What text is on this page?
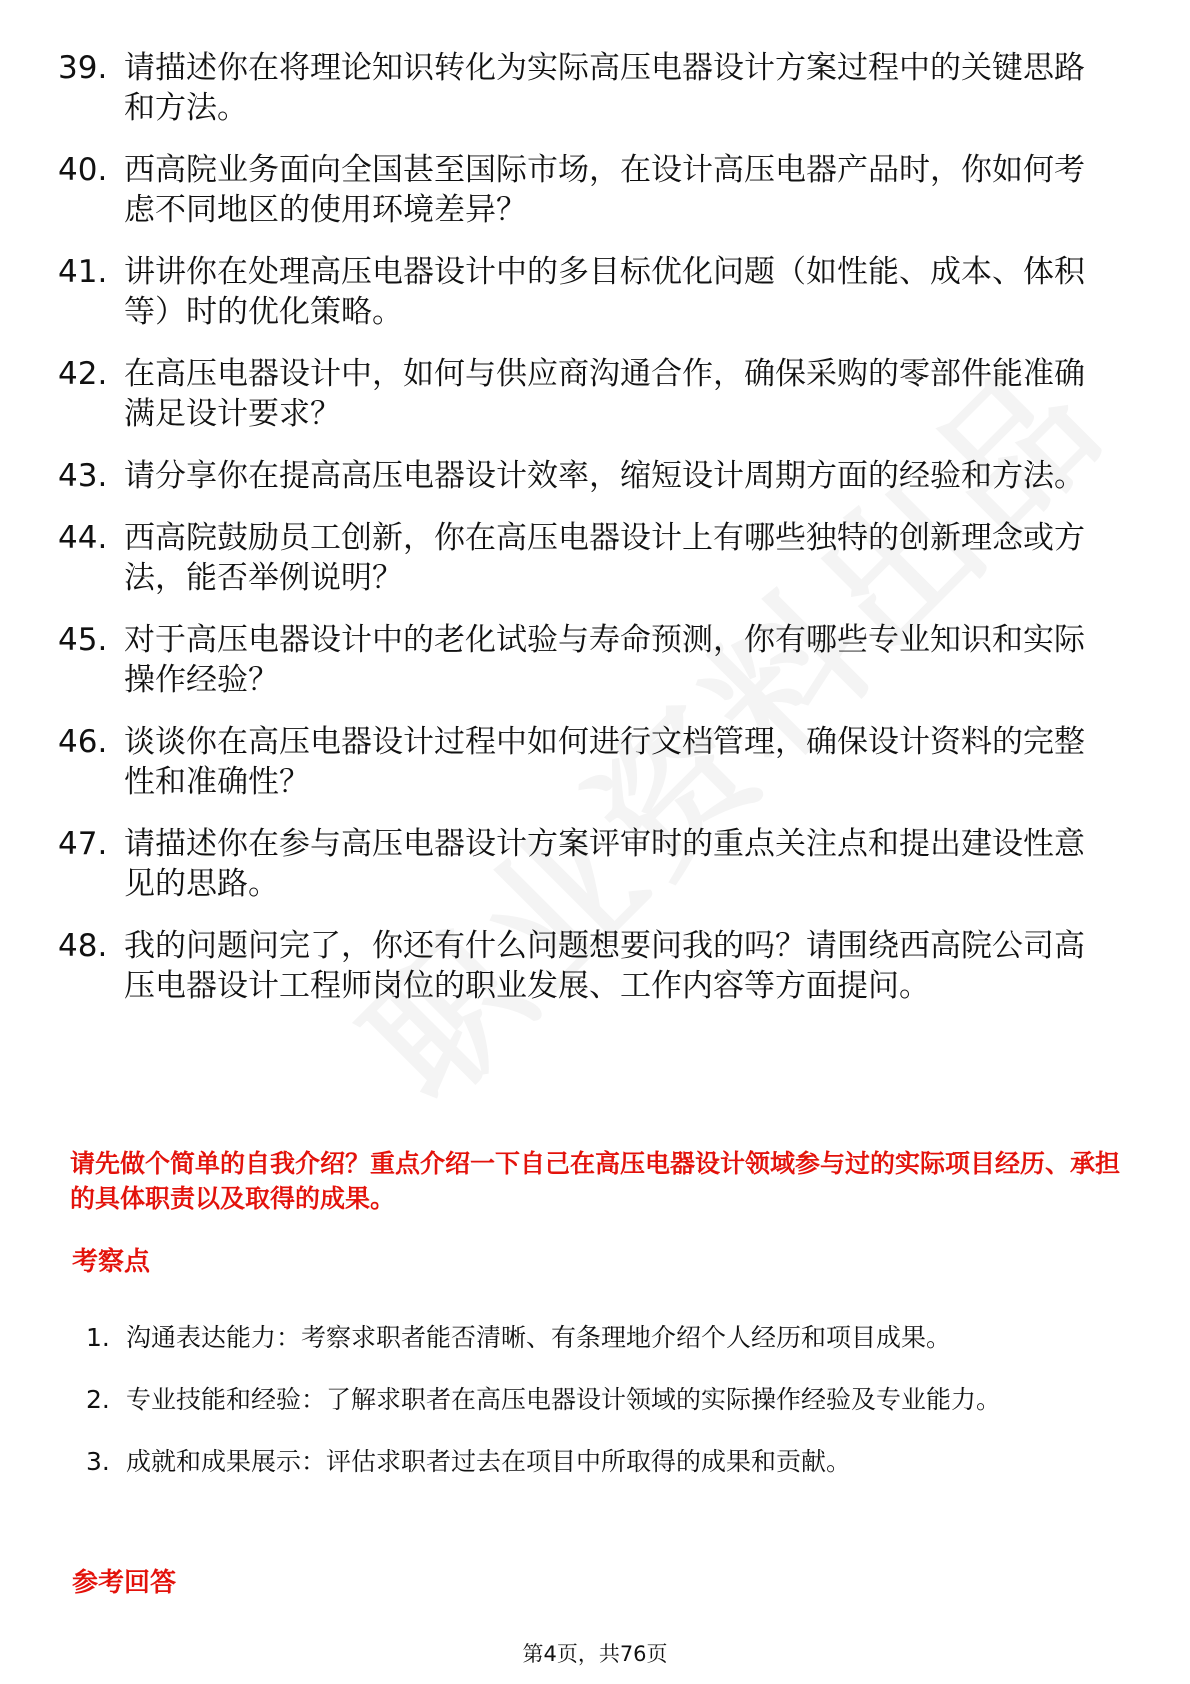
39. 请描述你在将理论知识转化为实际高压电器设计方案过程中的关键思路和方法。
40. 西高院业务面向全国甚至国际市场，在设计高压电器产品时，你如何考虑不同地区的使用环境差异？
41. 讲讲你在处理高压电器设计中的多目标优化问题（如性能、成本、体积等）时的优化策略。
42. 在高压电器设计中，如何与供应商沟通合作，确保采购的零部件能准确满足设计要求？
43. 请分享你在提高高压电器设计效率，缩短设计周期方面的经验和方法。
44. 西高院鼓励员工创新，你在高压电器设计上有哪些独特的创新理念或方法，能否举例说明？
45. 对于高压电器设计中的老化试验与寿命预测，你有哪些专业知识和实际操作经验？
46. 谈谈你在高压电器设计过程中如何进行文档管理，确保设计资料的完整性和准确性？
47. 请描述你在参与高压电器设计方案评审时的重点关注点和提出建设性意见的思路。
48. 我的问题问完了，你还有什么问题想要问我的吗？请围绕西高院公司高压电器设计工程师岗位的职业发展、工作内容等方面提问。
请先做个简单的自我介绍？重点介绍一下自己在高压电器设计领域参与过的实际项目经历、承担的具体职责以及取得的成果。
考察点
1. 沟通表达能力：考察求职者能否清晰、有条理地介绍个人经历和项目成果。
2. 专业技能和经验：了解求职者在高压电器设计领域的实际操作经验及专业能力。
3. 成就和成果展示：评估求职者过去在项目中所取得的成果和贡献。
参考回答
第4页，共76页
